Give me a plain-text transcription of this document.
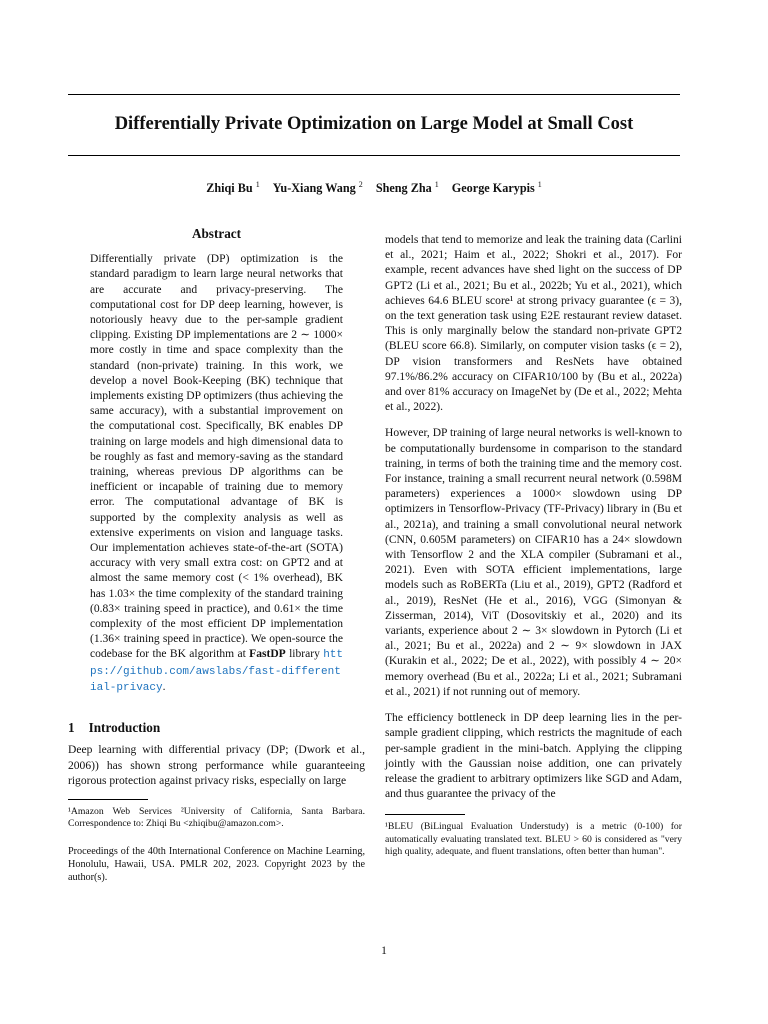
Differentially Private Optimization on Large Model at Small Cost
Zhiqi Bu $^1$ Yu-Xiang Wang $^2$ Sheng Zha $^1$ George Karypis $^1$
Abstract

Differentially private (DP) optimization is the standard paradigm to learn large neural networks that are accurate and privacy-preserving. The computational cost for DP deep learning, however, is notoriously heavy due to the per-sample gradient clipping. Existing DP implementations are 2 ∼ 1000× more costly in time and space complexity than the standard (non-private) training. In this work, we develop a novel Book-Keeping (BK) technique that implements existing DP optimizers (thus achieving the same accuracy), with a substantial improvement on the computational cost. Specifically, BK enables DP training on large models and high dimensional data to be roughly as fast and memory-saving as the standard training, whereas previous DP algorithms can be inefficient or incapable of training due to memory error. The computational advantage of BK is supported by the complexity analysis as well as extensive experiments on vision and language tasks. Our implementation achieves state-of-the-art (SOTA) accuracy with very small extra cost: on GPT2 and at almost the same memory cost (< 1% overhead), BK has 1.03× the time complexity of the standard training (0.83× training speed in practice), and 0.61× the time complexity of the most efficient DP implementation (1.36× training speed in practice). We open-source the codebase for the BK algorithm at FastDP library https://github.com/awslabs/fast-differential-privacy.

1 Introduction

Deep learning with differential privacy (DP; (Dwork et al., 2006)) has shown strong performance while guaranteeing rigorous protection against privacy risks, especially on large

¹Amazon Web Services ²University of California, Santa Barbara. Correspondence to: Zhiqi Bu <zhiqibu@amazon.com>.
Proceedings of the 40th International Conference on Machine Learning, Honolulu, Hawaii, USA. PMLR 202, 2023. Copyright 2023 by the author(s).

models that tend to memorize and leak the training data (Carlini et al., 2021; Haim et al., 2022; Shokri et al., 2017). For example, recent advances have shed light on the success of DP GPT2 (Li et al., 2021; Bu et al., 2022b; Yu et al., 2021), which achieves 64.6 BLEU score¹ at strong privacy guarantee (ϵ = 3), on the text generation task using E2E restaurant review dataset. This is only marginally below the standard non-private GPT2 (BLEU score 66.8). Similarly, on computer vision tasks (ϵ = 2), DP vision transformers and ResNets have obtained 97.1%/86.2% accuracy on CIFAR10/100 by (Bu et al., 2022a) and over 81% accuracy on ImageNet by (De et al., 2022; Mehta et al., 2022).

However, DP training of large neural networks is well-known to be computationally burdensome in comparison to the standard training, in terms of both the training time and the memory cost. For instance, training a small recurrent neural network (0.598M parameters) experiences a 1000× slowdown using DP optimizers in Tensorflow-Privacy (TF-Privacy) library in (Bu et al., 2021a), and training a small convolutional neural network (CNN, 0.605M parameters) on CIFAR10 has a 24× slowdown with Tensorflow 2 and the XLA compiler (Subramani et al., 2021). Even with SOTA efficient implementations, large models such as RoBERTa (Liu et al., 2019), GPT2 (Radford et al., 2019), ResNet (He et al., 2016), VGG (Simonyan & Zisserman, 2014), ViT (Dosovitskiy et al., 2020) and its variants, experience about 2 ∼ 3× slowdown in Pytorch (Li et al., 2021; Bu et al., 2022a) and 2 ∼ 9× slowdown in JAX (Kurakin et al., 2022; De et al., 2022), with possibly 4 ∼ 20× memory overhead (Bu et al., 2022a; Li et al., 2021; Subramani et al., 2021) if not running out of memory.

The efficiency bottleneck in DP deep learning lies in the per-sample gradient clipping, which restricts the magnitude of each per-sample gradient in the mini-batch. Applying the clipping jointly with the Gaussian noise addition, one can privately release the gradient to arbitrary optimizers like SGD and Adam, and thus guarantee the privacy of the

¹BLEU (BiLingual Evaluation Understudy) is a metric (0-100) for automatically evaluating translated text. BLEU > 60 is considered as "very high quality, adequate, and fluent translations, often better than human".
1
